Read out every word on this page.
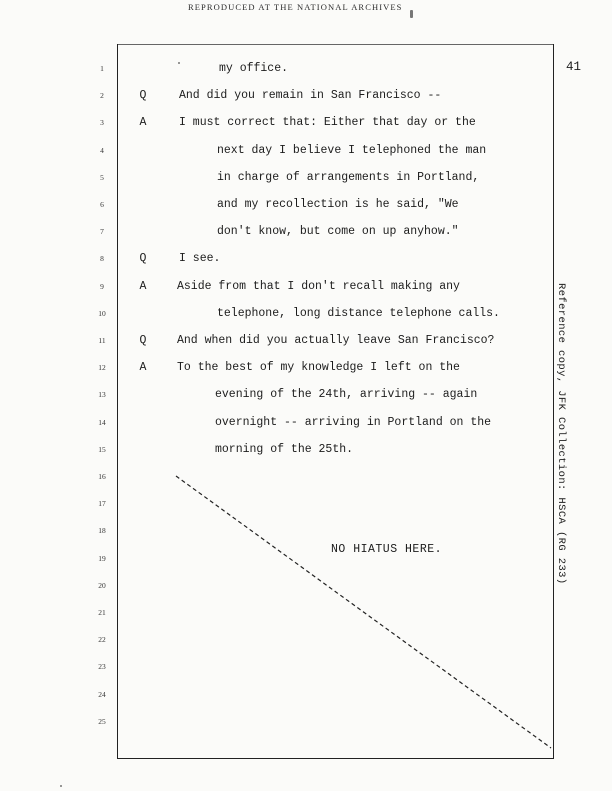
REPRODUCED AT THE NATIONAL ARCHIVES
41
Reference copy, JFK Collection: HSCA (RG 233)
1
2
3
4
5
6
7
8
9
10
11
12
13
14
15
16
17
18
19
20
21
22
23
24
25
my office.
Q	And did you remain in San Francisco --
A	I must correct that: Either that day or the
next day I believe I telephoned the man
in charge of arrangements in Portland,
and my recollection is he said, "We
don't know, but come on up anyhow."
Q	I see.
A	Aside from that I don't recall making any
telephone, long distance telephone calls.
Q	And when did you actually leave San Francisco?
A	To the best of my knowledge I left on the
evening of the 24th, arriving -- again
overnight -- arriving in Portland on the
morning of the 25th.
NO HIATUS HERE.
